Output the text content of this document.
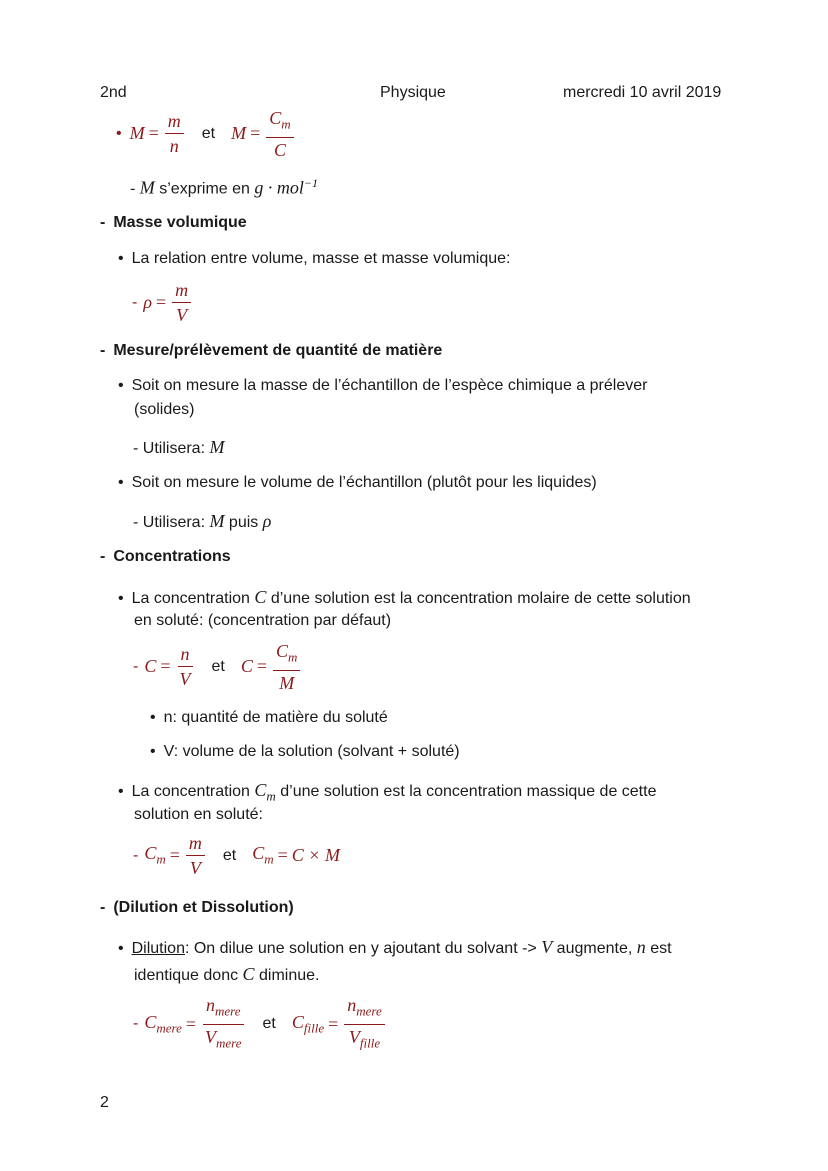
2nd	Physique	mercredi 10 avril 2019
• $M = \frac{m}{n}$ et $M = \frac{C_m}{C}$
- M s’exprime en g · mol$^{-1}$
- Masse volumique
• La relation entre volume, masse et masse volumique:
- $\rho = \frac{m}{V}$
- Mesure/prélèvement de quantité de matière
• Soit on mesure la masse de l’échantillon de l’espèce chimique a prélever
(solides)
- Utilisera: M
• Soit on mesure le volume de l’échantillon (plutôt pour les liquides)
- Utilisera: M puis ρ
- Concentrations
• La concentration C d’une solution est la concentration molaire de cette solution
en soluté: (concentration par défaut)
- $C = \frac{n}{V}$ et $C = \frac{C_m}{M}$
• n: quantité de matière du soluté
• V: volume de la solution (solvant + soluté)
• La concentration $C_m$ d’une solution est la concentration massique de cette
solution en soluté:
- $C_m = \frac{m}{V}$ et $C_m = C \times M$
- (Dilution et Dissolution)
• Dilution: On dilue une solution en y ajoutant du solvant -> V augmente, n est
identique donc C diminue.
- $C_{mere} = \frac{n_{mere}}{V_{mere}}$ et $C_{fille} = \frac{n_{mere}}{V_{fille}}$
2
